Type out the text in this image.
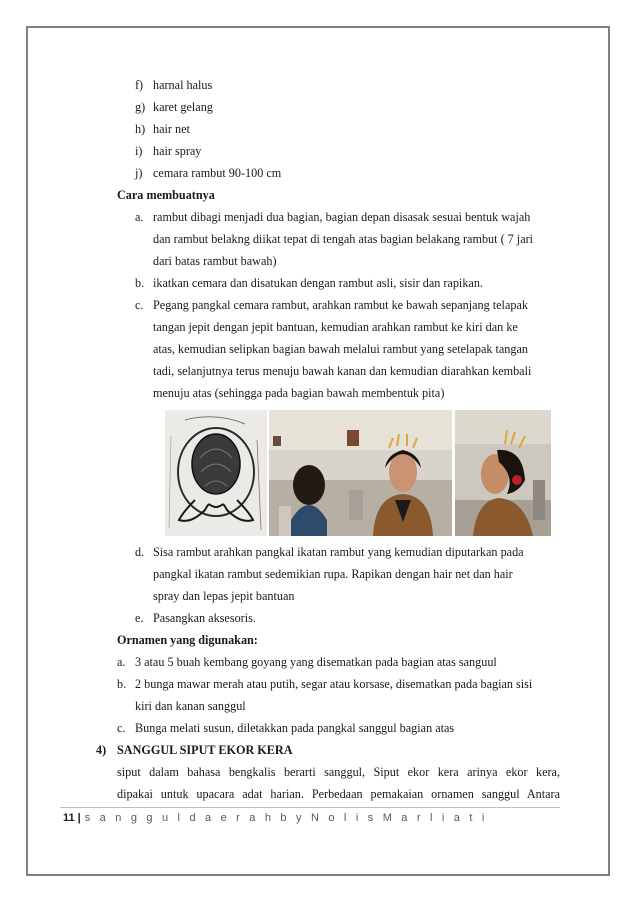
f) harnal halus
g) karet gelang
h) hair net
i) hair spray
j) cemara rambut 90-100 cm
Cara membuatnya
a. rambut dibagi menjadi dua bagian, bagian depan disasak sesuai bentuk wajah
dan rambut belakng diikat tepat di tengah atas bagian belakang rambut ( 7 jari
dari batas rambut bawah)
b. ikatkan cemara dan disatukan dengan rambut asli, sisir dan rapikan.
c. Pegang pangkal cemara rambut, arahkan rambut ke bawah sepanjang telapak
tangan jepit dengan jepit bantuan, kemudian arahkan rambut ke kiri dan ke
atas, kemudian selipkan bagian bawah melalui rambut yang setelapak tangan
tadi, selanjutnya terus menuju bawah kanan dan kemudian diarahkan kembali
menuju atas (sehingga pada bagian bawah membentuk pita)
d. Sisa rambut arahkan pangkal ikatan rambut yang kemudian diputarkan pada
pangkal ikatan rambut sedemikian rupa. Rapikan dengan hair net dan hair
spray dan lepas jepit bantuan
e. Pasangkan aksesoris.
Ornamen yang digunakan:
a. 3 atau 5 buah kembang goyang yang disematkan pada bagian atas sanguul
b. 2 bunga mawar merah atau putih, segar atau korsase, disematkan pada bagian sisi
kiri dan kanan sanggul
c. Bunga melati susun, diletakkan pada pangkal sanggul bagian atas
4) SANGGUL SIPUT EKOR KERA
siput dalam bahasa bengkalis berarti sanggul, Siput ekor kera arinya ekor kera,
dipakai untuk upacara adat harian. Perbedaan pemakaian ornamen sanggul Antara
11 | s a n g g u l d a e r a h b y N o l i s M a r l i a t i
